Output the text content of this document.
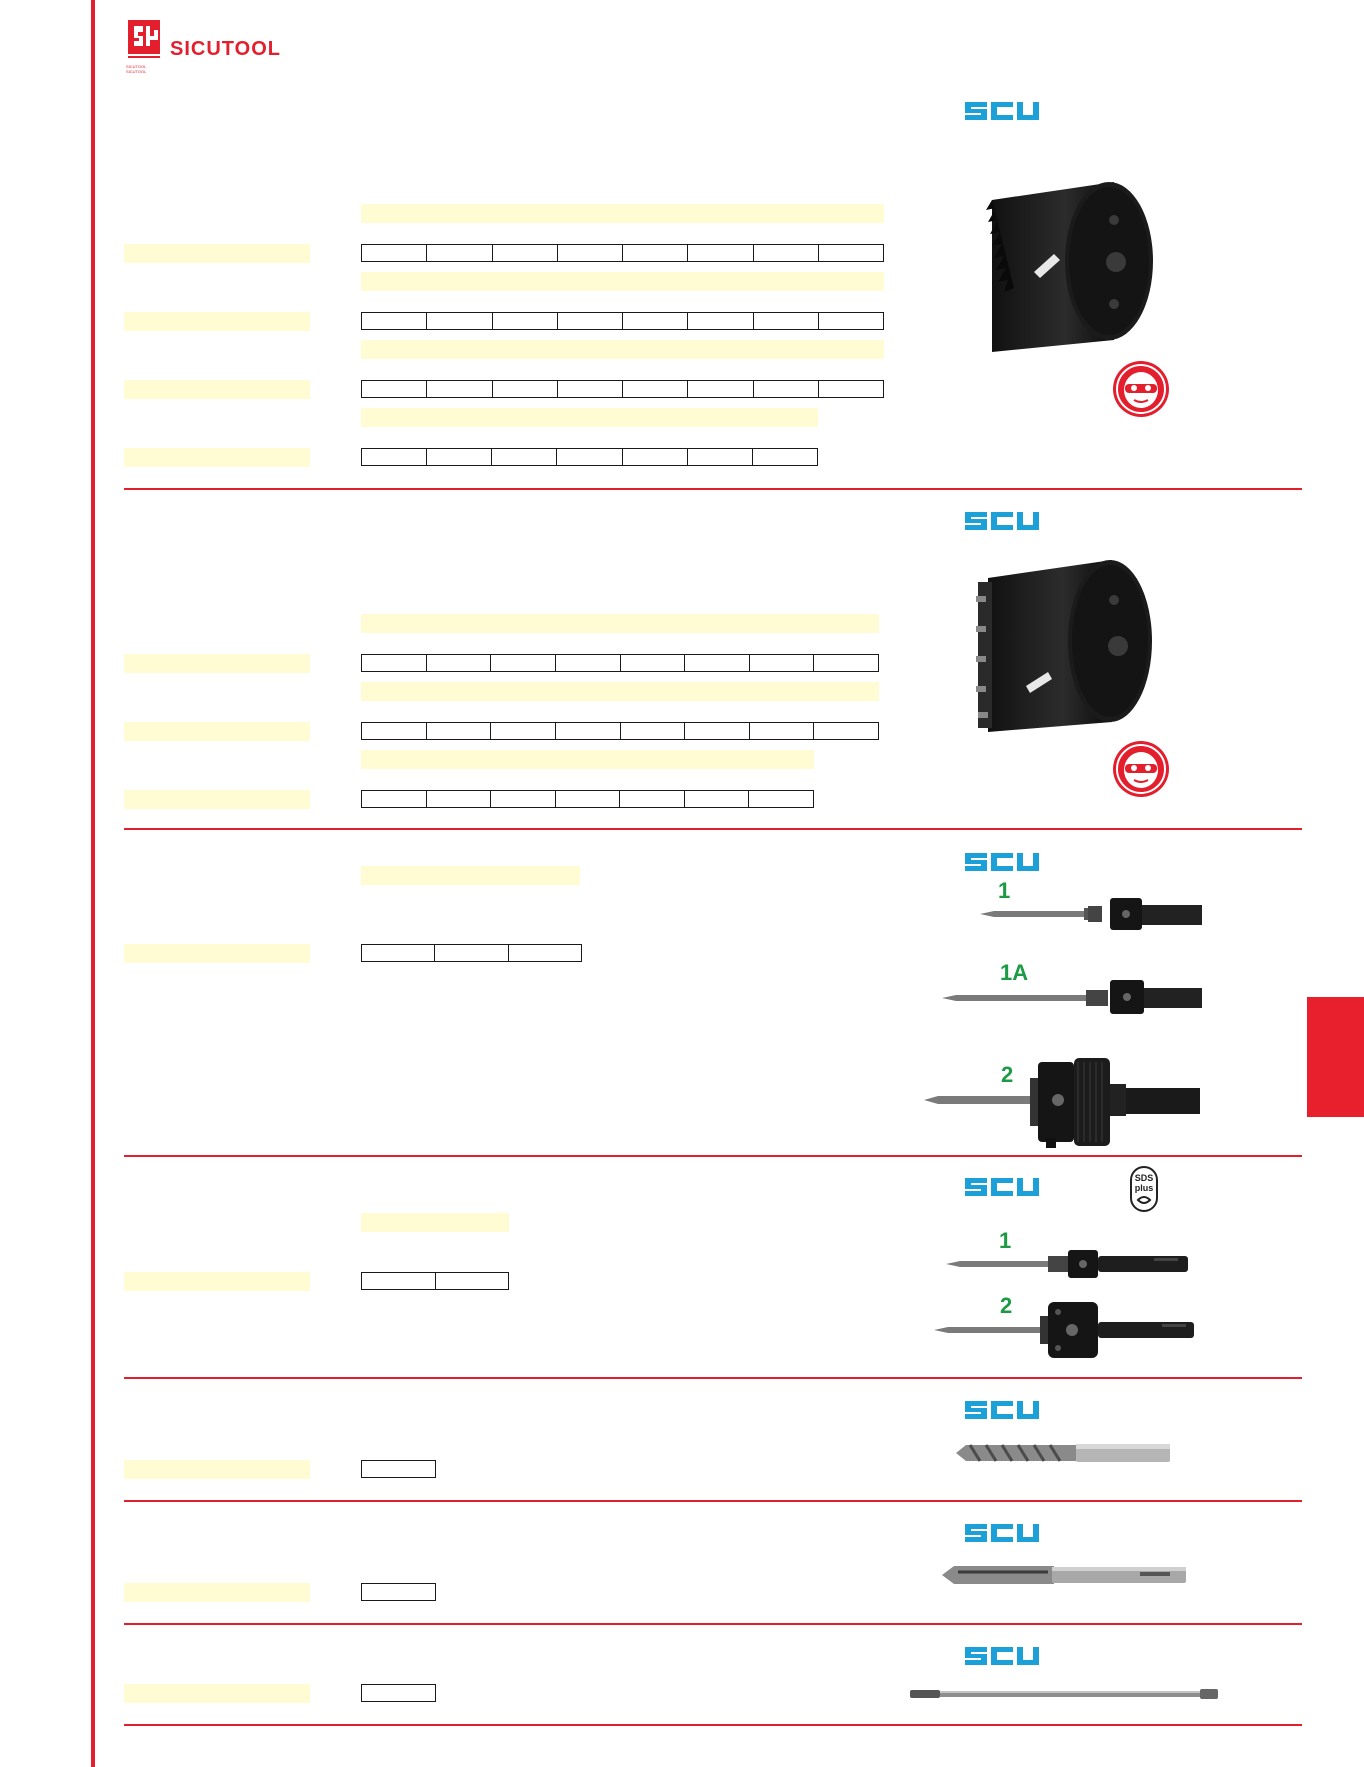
SICUTOOL
SICUTOOL
SICUTOOL
1
1A
2
SDS
plus
1
2
